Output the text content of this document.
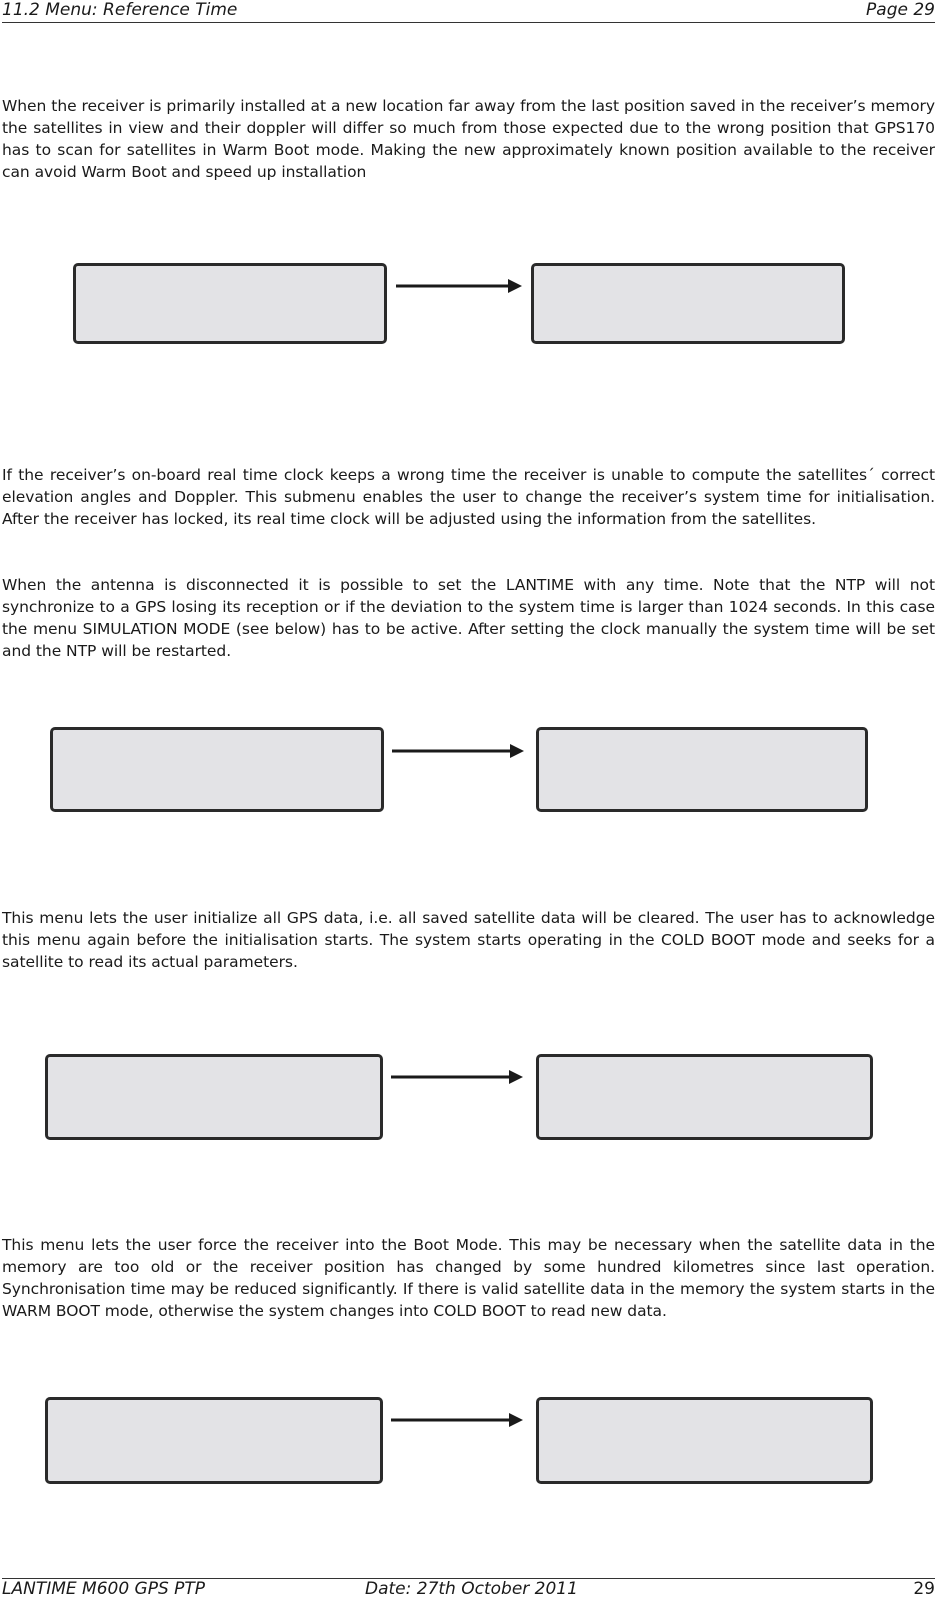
11.2 Menu: Reference Time	Page 29

When the receiver is primarily installed at a new location far away from the last position saved in the receiver’s memory the satellites in view and their doppler will differ so much from those expected due to the wrong position that GPS170 has to scan for satellites in Warm Boot mode. Making the new approximately known position available to the receiver can avoid Warm Boot and speed up installation

If the receiver’s on-board real time clock keeps a wrong time the receiver is unable to compute the satellites´ correct elevation angles and Doppler. This submenu enables the user to change the receiver’s system time for initialisation. After the receiver has locked, its real time clock will be adjusted using the information from the satellites.

When the antenna is disconnected it is possible to set the LANTIME with any time. Note that the NTP will not synchronize to a GPS losing its reception or if the deviation to the system time is larger than 1024 seconds. In this case the menu SIMULATION MODE (see below) has to be active. After setting the clock manually the system time will be set and the NTP will be restarted.

This menu lets the user initialize all GPS data, i.e. all saved satellite data will be cleared. The user has to acknowledge this menu again before the initialisation starts. The system starts operating in the COLD BOOT mode and seeks for a satellite to read its actual parameters.

This menu lets the user force the receiver into the Boot Mode. This may be necessary when the satellite data in the memory are too old or the receiver position has changed by some hundred kilometres since last operation. Synchronisation time may be reduced significantly. If there is valid satellite data in the memory the system starts in the WARM BOOT mode, otherwise the system changes into COLD BOOT to read new data.

LANTIME M600 GPS PTP	Date: 27th October 2011	29
